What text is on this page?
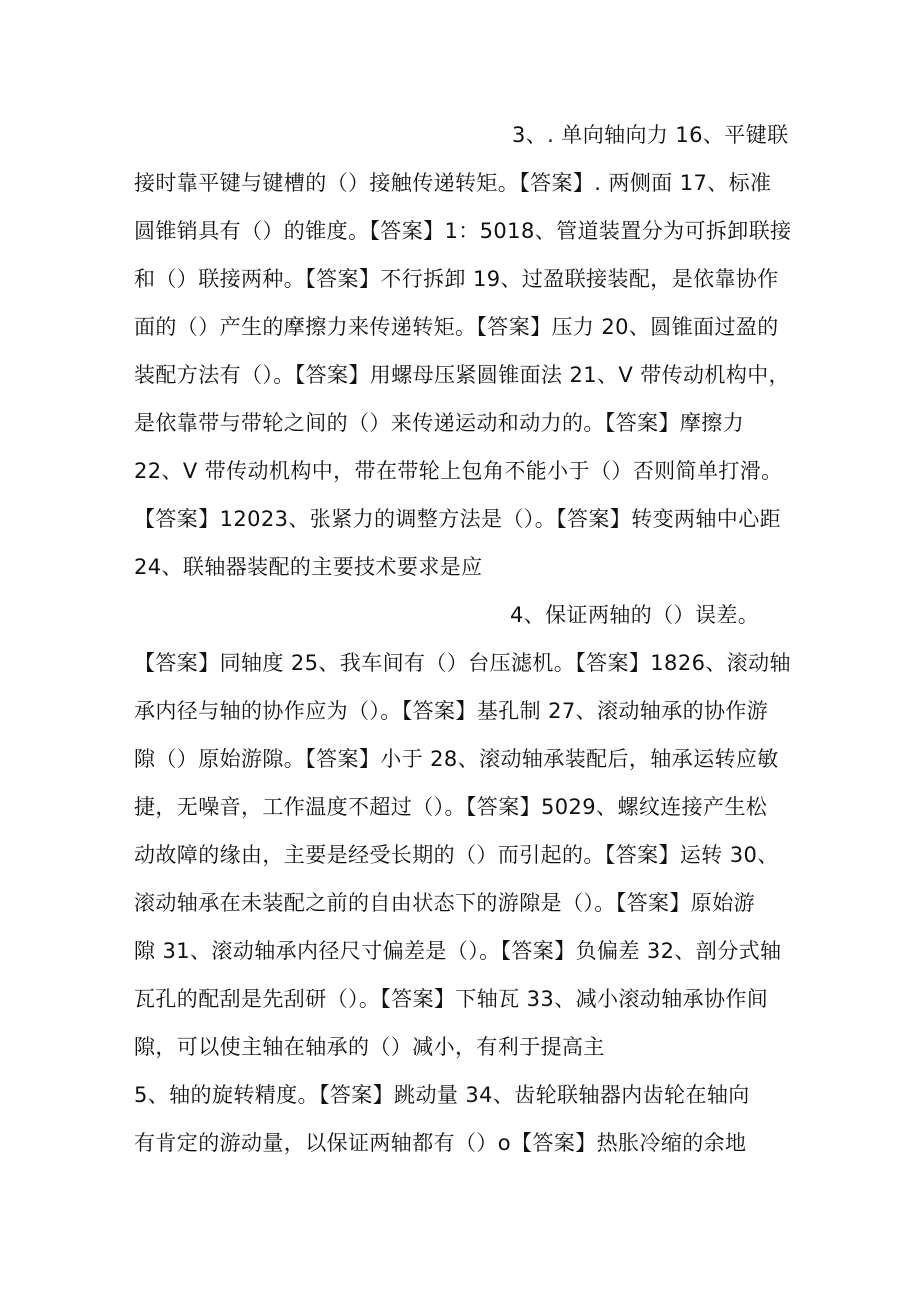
3、. 单向轴向力 16、平键联
接时靠平键与键槽的（）接触传递转矩。【答案】. 两侧面 17、标准
圆锥销具有（）的锥度。【答案】1：5018、管道装置分为可拆卸联接
和（）联接两种。【答案】不行拆卸 19、过盈联接装配，是依靠协作
面的（）产生的摩擦力来传递转矩。【答案】压力 20、圆锥面过盈的
装配方法有（）。【答案】用螺母压紧圆锥面法 21、V 带传动机构中，
是依靠带与带轮之间的（）来传递运动和动力的。【答案】摩擦力
22、V 带传动机构中，带在带轮上包角不能小于（）否则简单打滑。
【答案】12023、张紧力的调整方法是（）。【答案】转变两轴中心距
24、联轴器装配的主要技术要求是应
4、保证两轴的（）误差。
【答案】同轴度 25、我车间有（）台压滤机。【答案】1826、滚动轴
承内径与轴的协作应为（）。【答案】基孔制 27、滚动轴承的协作游
隙（）原始游隙。【答案】小于 28、滚动轴承装配后，轴承运转应敏
捷，无噪音，工作温度不超过（）。【答案】5029、螺纹连接产生松
动故障的缘由，主要是经受长期的（）而引起的。【答案】运转 30、
滚动轴承在未装配之前的自由状态下的游隙是（）。【答案】原始游
隙 31、滚动轴承内径尺寸偏差是（）。【答案】负偏差 32、剖分式轴
瓦孔的配刮是先刮研（）。【答案】下轴瓦 33、减小滚动轴承协作间
隙，可以使主轴在轴承的（）减小，有利于提高主
5、轴的旋转精度。【答案】跳动量 34、齿轮联轴器内齿轮在轴向
有肯定的游动量，以保证两轴都有（）o【答案】热胀冷缩的余地
